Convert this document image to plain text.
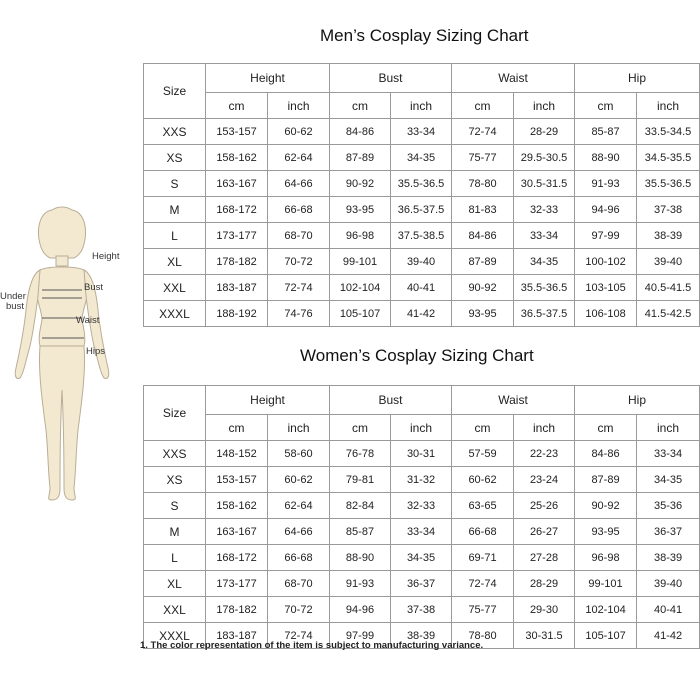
Men’s Cosplay Sizing Chart
Size	Height		Bust		Waist		Hip	
	cm	inch	cm	inch	cm	inch	cm	inch
XXS	153-157	60-62	84-86	33-34	72-74	28-29	85-87	33.5-34.5
XS	158-162	62-64	87-89	34-35	75-77	29.5-30.5	88-90	34.5-35.5
S	163-167	64-66	90-92	35.5-36.5	78-80	30.5-31.5	91-93	35.5-36.5
M	168-172	66-68	93-95	36.5-37.5	81-83	32-33	94-96	37-38
L	173-177	68-70	96-98	37.5-38.5	84-86	33-34	97-99	38-39
XL	178-182	70-72	99-101	39-40	87-89	34-35	100-102	39-40
XXL	183-187	72-74	102-104	40-41	90-92	35.5-36.5	103-105	40.5-41.5
XXXL	188-192	74-76	105-107	41-42	93-95	36.5-37.5	106-108	41.5-42.5
Women’s Cosplay Sizing Chart
Size	Height		Bust		Waist		Hip	
	cm	inch	cm	inch	cm	inch	cm	inch
XXS	148-152	58-60	76-78	30-31	57-59	22-23	84-86	33-34
XS	153-157	60-62	79-81	31-32	60-62	23-24	87-89	34-35
S	158-162	62-64	82-84	32-33	63-65	25-26	90-92	35-36
M	163-167	64-66	85-87	33-34	66-68	26-27	93-95	36-37
L	168-172	66-68	88-90	34-35	69-71	27-28	96-98	38-39
XL	173-177	68-70	91-93	36-37	72-74	28-29	99-101	39-40
XXL	178-182	70-72	94-96	37-38	75-77	29-30	102-104	40-41
XXXL	183-187	72-74	97-99	38-39	78-80	30-31.5	105-107	41-42
Height
Bust
Under
bust
Waist
Hips
1. The color representation of the item is subject to manufacturing variance.
